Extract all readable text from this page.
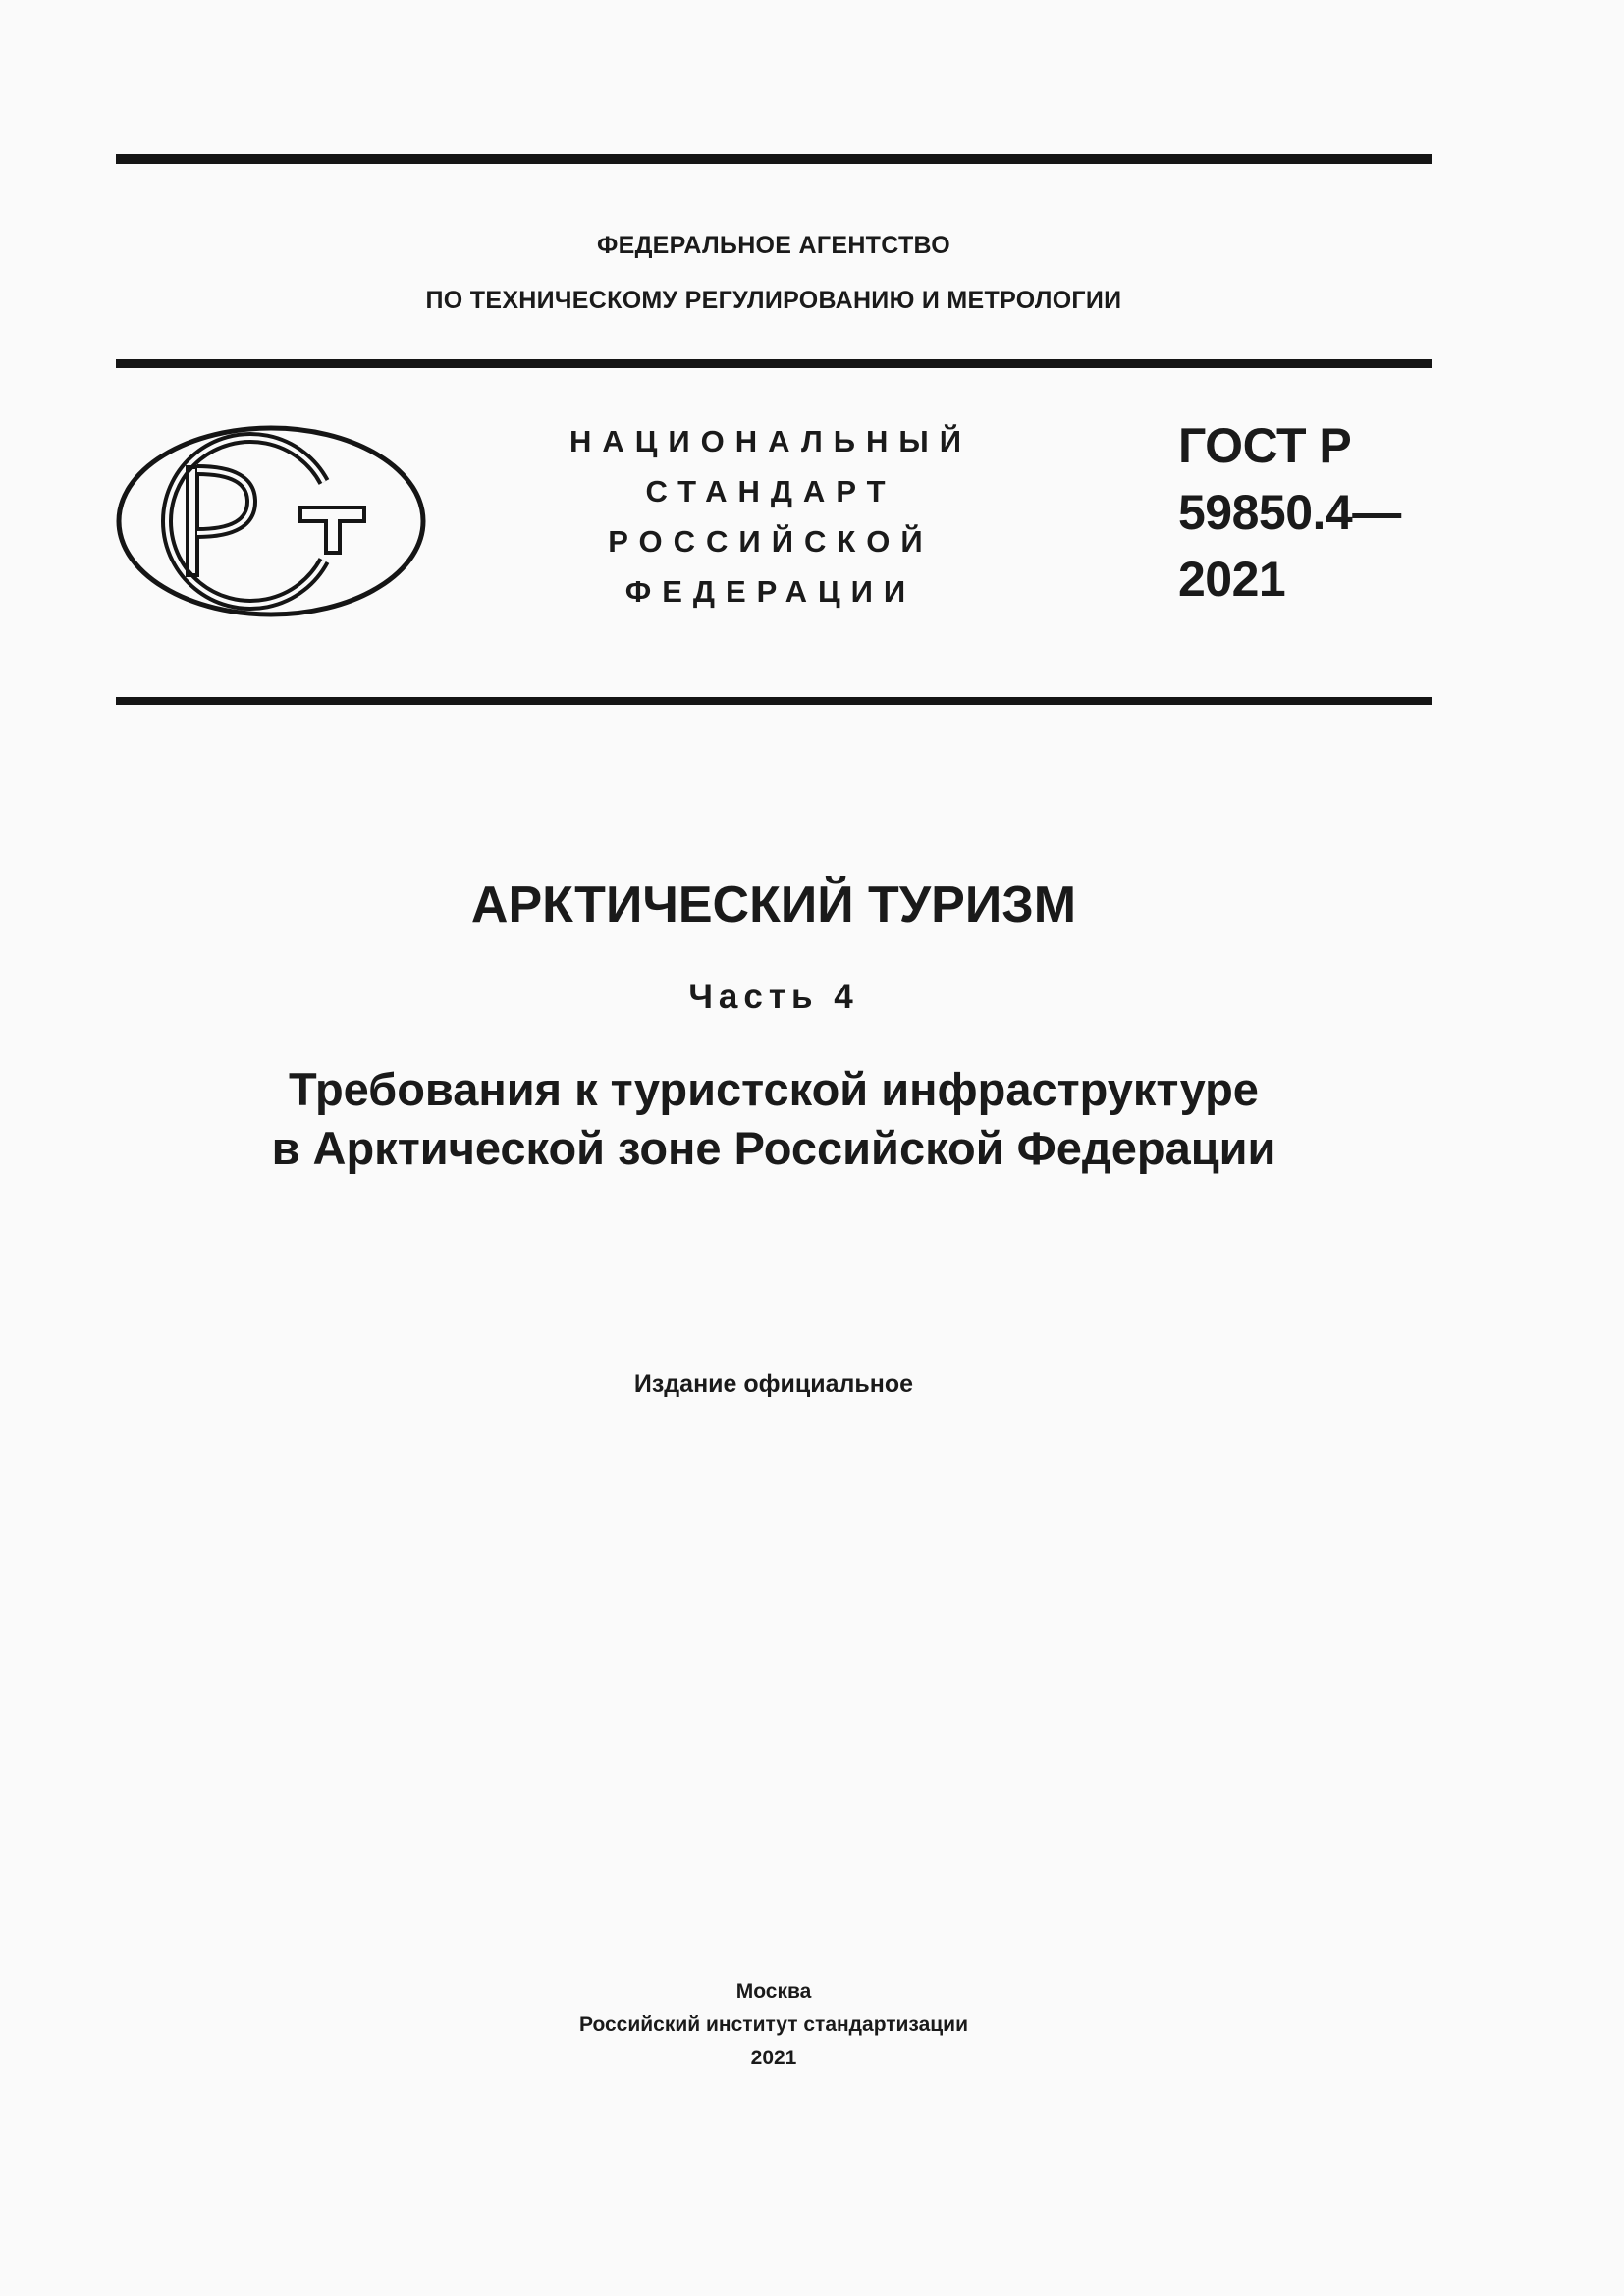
ФЕДЕРАЛЬНОЕ АГЕНТСТВО
ПО ТЕХНИЧЕСКОМУ РЕГУЛИРОВАНИЮ И МЕТРОЛОГИИ
НАЦИОНАЛЬНЫЙ
СТАНДАРТ
РОССИЙСКОЙ
ФЕДЕРАЦИИ
ГОСТ Р
59850.4—
2021
АРКТИЧЕСКИЙ ТУРИЗМ
Часть 4
Требования к туристской инфраструктуре
в Арктической зоне Российской Федерации
Издание официальное
Москва
Российский институт стандартизации
2021
